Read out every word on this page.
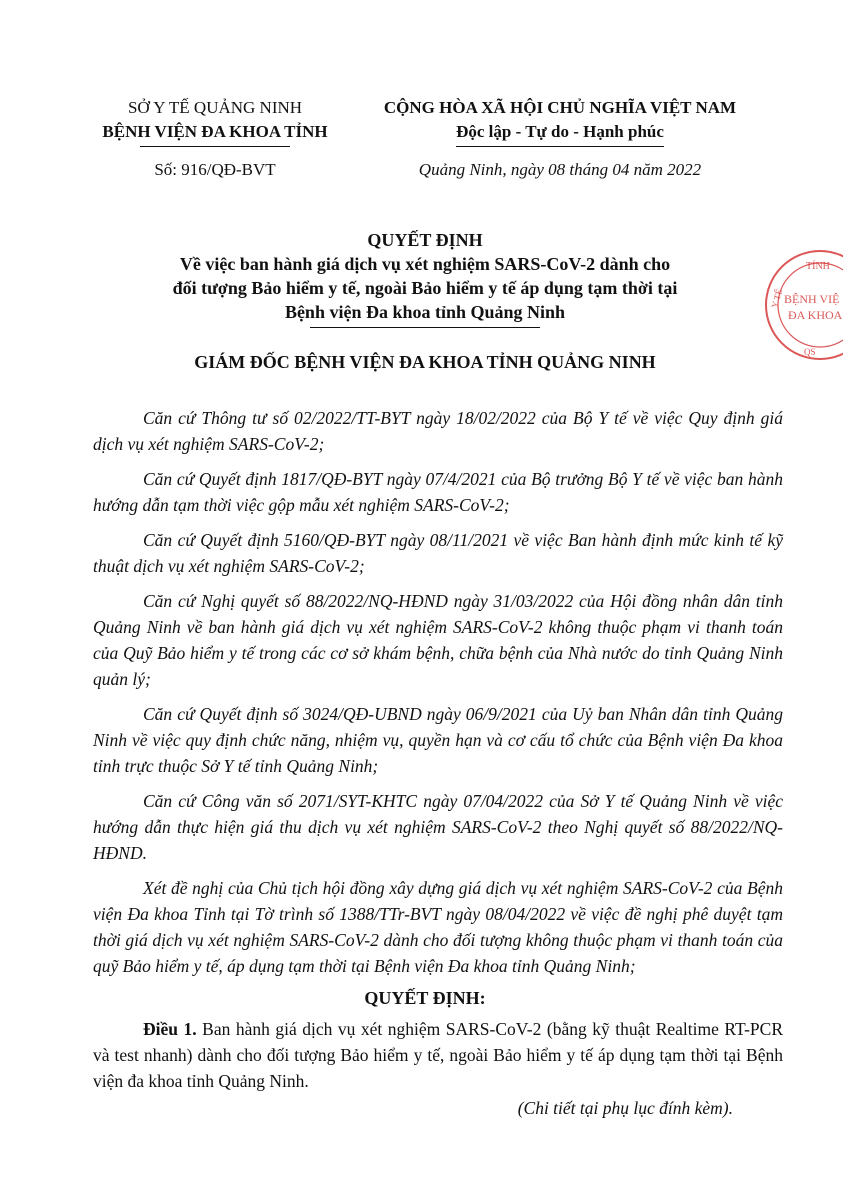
SỞ Y TẾ QUẢNG NINH
BỆNH VIỆN ĐA KHOA TỈNH
CỘNG HÒA XÃ HỘI CHỦ NGHĨA VIỆT NAM
Độc lập - Tự do - Hạnh phúc
Số: 916/QĐ-BVT	Quảng Ninh, ngày 08 tháng 04 năm 2022
QUYẾT ĐỊNH
Về việc ban hành giá dịch vụ xét nghiệm SARS-CoV-2 dành cho
đối tượng Bảo hiểm y tế, ngoài Bảo hiểm y tế áp dụng tạm thời tại
Bệnh viện Đa khoa tỉnh Quảng Ninh
GIÁM ĐỐC BỆNH VIỆN ĐA KHOA TỈNH QUẢNG NINH

Căn cứ Thông tư số 02/2022/TT-BYT ngày 18/02/2022 của Bộ Y tế về việc Quy định giá dịch vụ xét nghiệm SARS-CoV-2;

Căn cứ Quyết định 1817/QĐ-BYT ngày 07/4/2021 của Bộ trưởng Bộ Y tế về việc ban hành hướng dẫn tạm thời việc gộp mẫu xét nghiệm SARS-CoV-2;

Căn cứ Quyết định 5160/QĐ-BYT ngày 08/11/2021 về việc Ban hành định mức kinh tế kỹ thuật dịch vụ xét nghiệm SARS-CoV-2;

Căn cứ Nghị quyết số 88/2022/NQ-HĐND ngày 31/03/2022 của Hội đồng nhân dân tỉnh Quảng Ninh về ban hành giá dịch vụ xét nghiệm SARS-CoV-2 không thuộc phạm vi thanh toán của Quỹ Bảo hiểm y tế trong các cơ sở khám bệnh, chữa bệnh của Nhà nước do tỉnh Quảng Ninh quản lý;

Căn cứ Quyết định số 3024/QĐ-UBND ngày 06/9/2021 của Uỷ ban Nhân dân tỉnh Quảng Ninh về việc quy định chức năng, nhiệm vụ, quyền hạn và cơ cấu tổ chức của Bệnh viện Đa khoa tỉnh trực thuộc Sở Y tế tỉnh Quảng Ninh;

Căn cứ Công văn số 2071/SYT-KHTC ngày 07/04/2022 của Sở Y tế Quảng Ninh về việc hướng dẫn thực hiện giá thu dịch vụ xét nghiệm SARS-CoV-2 theo Nghị quyết số 88/2022/NQ-HĐND.

Xét đề nghị của Chủ tịch hội đồng xây dựng giá dịch vụ xét nghiệm SARS-CoV-2 của Bệnh viện Đa khoa Tỉnh tại Tờ trình số 1388/TTr-BVT ngày 08/04/2022 về việc đề nghị phê duyệt tạm thời giá dịch vụ xét nghiệm SARS-CoV-2 dành cho đối tượng không thuộc phạm vi thanh toán của quỹ Bảo hiểm y tế, áp dụng tạm thời tại Bệnh viện Đa khoa tỉnh Quảng Ninh;

QUYẾT ĐỊNH:

Điều 1. Ban hành giá dịch vụ xét nghiệm SARS-CoV-2 (bằng kỹ thuật Realtime RT-PCR và test nhanh) dành cho đối tượng Bảo hiểm y tế, ngoài Bảo hiểm y tế áp dụng tạm thời tại Bệnh viện đa khoa tỉnh Quảng Ninh.

(Chi tiết tại phụ lục đính kèm).
TỈNH
BỆNH VIỆ
ĐA KHOA
Y TẾ
QS
